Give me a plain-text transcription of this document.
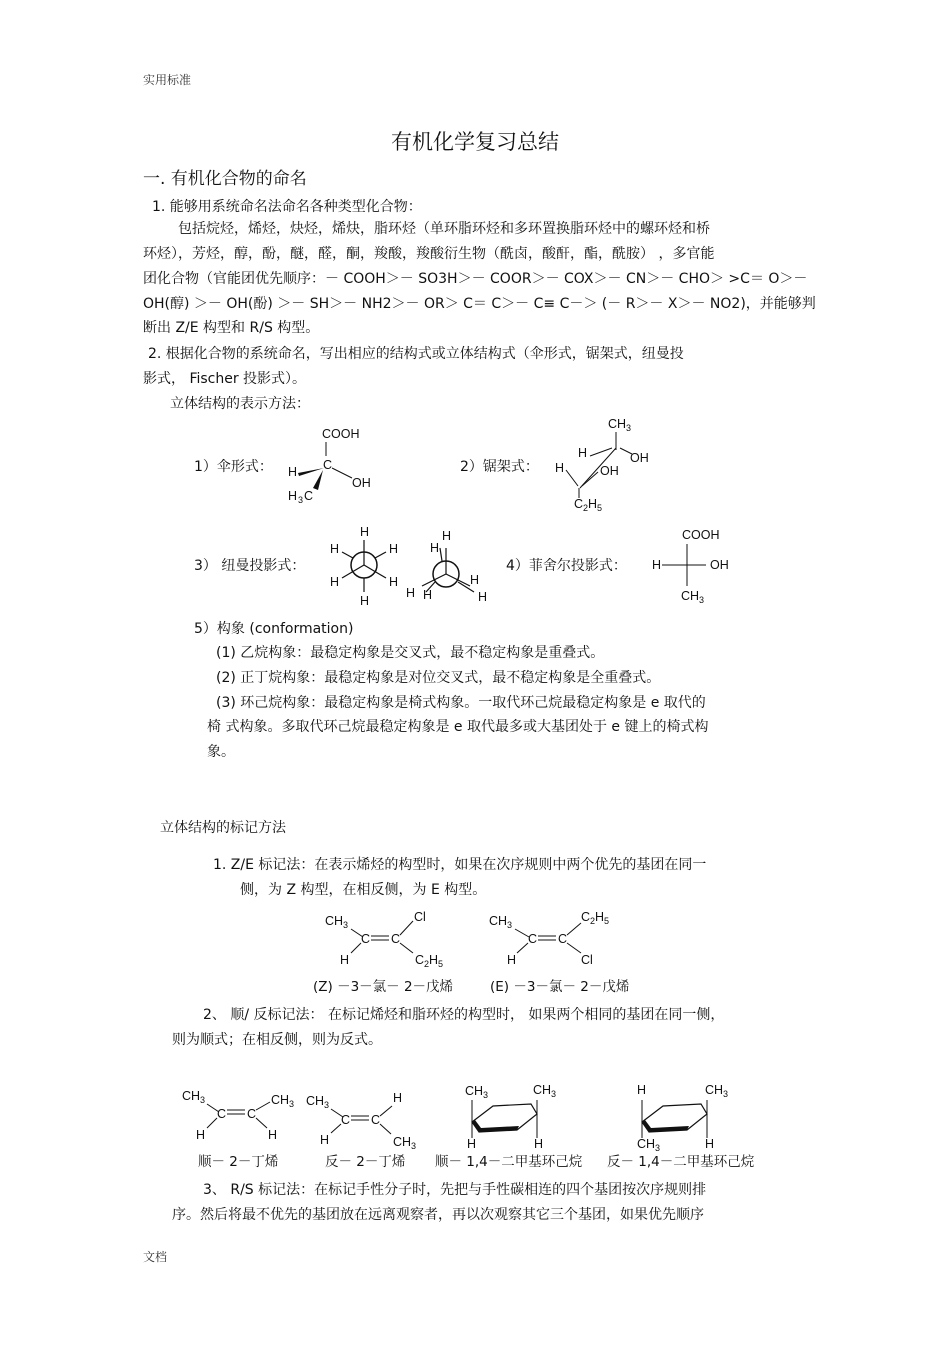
实用标准
有机化学复习总结
一. 有机化合物的命名
1. 能够用系统命名法命名各种类型化合物：
包括烷烃，烯烃，炔烃，烯炔，脂环烃（单环脂环烃和多环置换脂环烃中的螺环烃和桥
环烃），芳烃，醇，酚，醚，醛，酮，羧酸，羧酸衍生物（酰卤，酸酐，酯，酰胺） ，多官能
团化合物（官能团优先顺序：－ COOH＞－ SO3H＞－ COOR＞－ COX＞－ CN＞－ CHO＞ >C＝ O＞－
OH(醇) ＞－ OH(酚) ＞－ SH＞－ NH2＞－ OR＞ C＝ C＞－ C≡ C－＞ (－ R＞－ X＞－ NO2)，并能够判
断出 Z/E 构型和 R/S 构型。
2. 根据化合物的系统命名，写出相应的结构式或立体结构式（伞形式，锯架式，纽曼投
影式， Fischer 投影式）。
立体结构的表示方法：
1）伞形式：	2）锯架式：
3） 纽曼投影式：	4）菲舍尔投影式：
5）构象 (conformation)
COOH
C
H
OH
H 3 C
CH 3
H	OH
H	OH
C 2 H 5
H
H	H
H	H
H
H
H
H
H H	H
COOH
H	OH
CH 3
(1) 乙烷构象：最稳定构象是交叉式，最不稳定构象是重叠式。
(2) 正丁烷构象：最稳定构象是对位交叉式，最不稳定构象是全重叠式。
(3) 环己烷构象：最稳定构象是椅式构象。一取代环己烷最稳定构象是 e 取代的
椅 式构象。多取代环己烷最稳定构象是 e 取代最多或大基团处于 e 键上的椅式构
象。
立体结构的标记方法
1. Z/E 标记法：在表示烯烃的构型时，如果在次序规则中两个优先的基团在同一
侧，为 Z 构型，在相反侧，为 E 构型。
CH 3
C C
Cl
H	C 2 H 5
CH 3
C C
C 2 H 5
H	Cl
(Z) －3－氯－ 2－戊烯	(E) －3－氯－ 2－戊烯
2、 顺/ 反标记法： 在标记烯烃和脂环烃的构型时， 如果两个相同的基团在同一侧，
则为顺式；在相反侧，则为反式。
CH 3
C C
CH 3
H	H
CH 3
C C
H
H	CH 3
CH 3	CH 3
H	H
H	CH 3
CH 3	H
顺－ 2－丁烯	反－ 2－丁烯 顺－ 1,4－二甲基环己烷 反－ 1,4－二甲基环己烷
3、 R/S 标记法：在标记手性分子时，先把与手性碳相连的四个基团按次序规则排
序。然后将最不优先的基团放在远离观察者，再以次观察其它三个基团，如果优先顺序
文档
